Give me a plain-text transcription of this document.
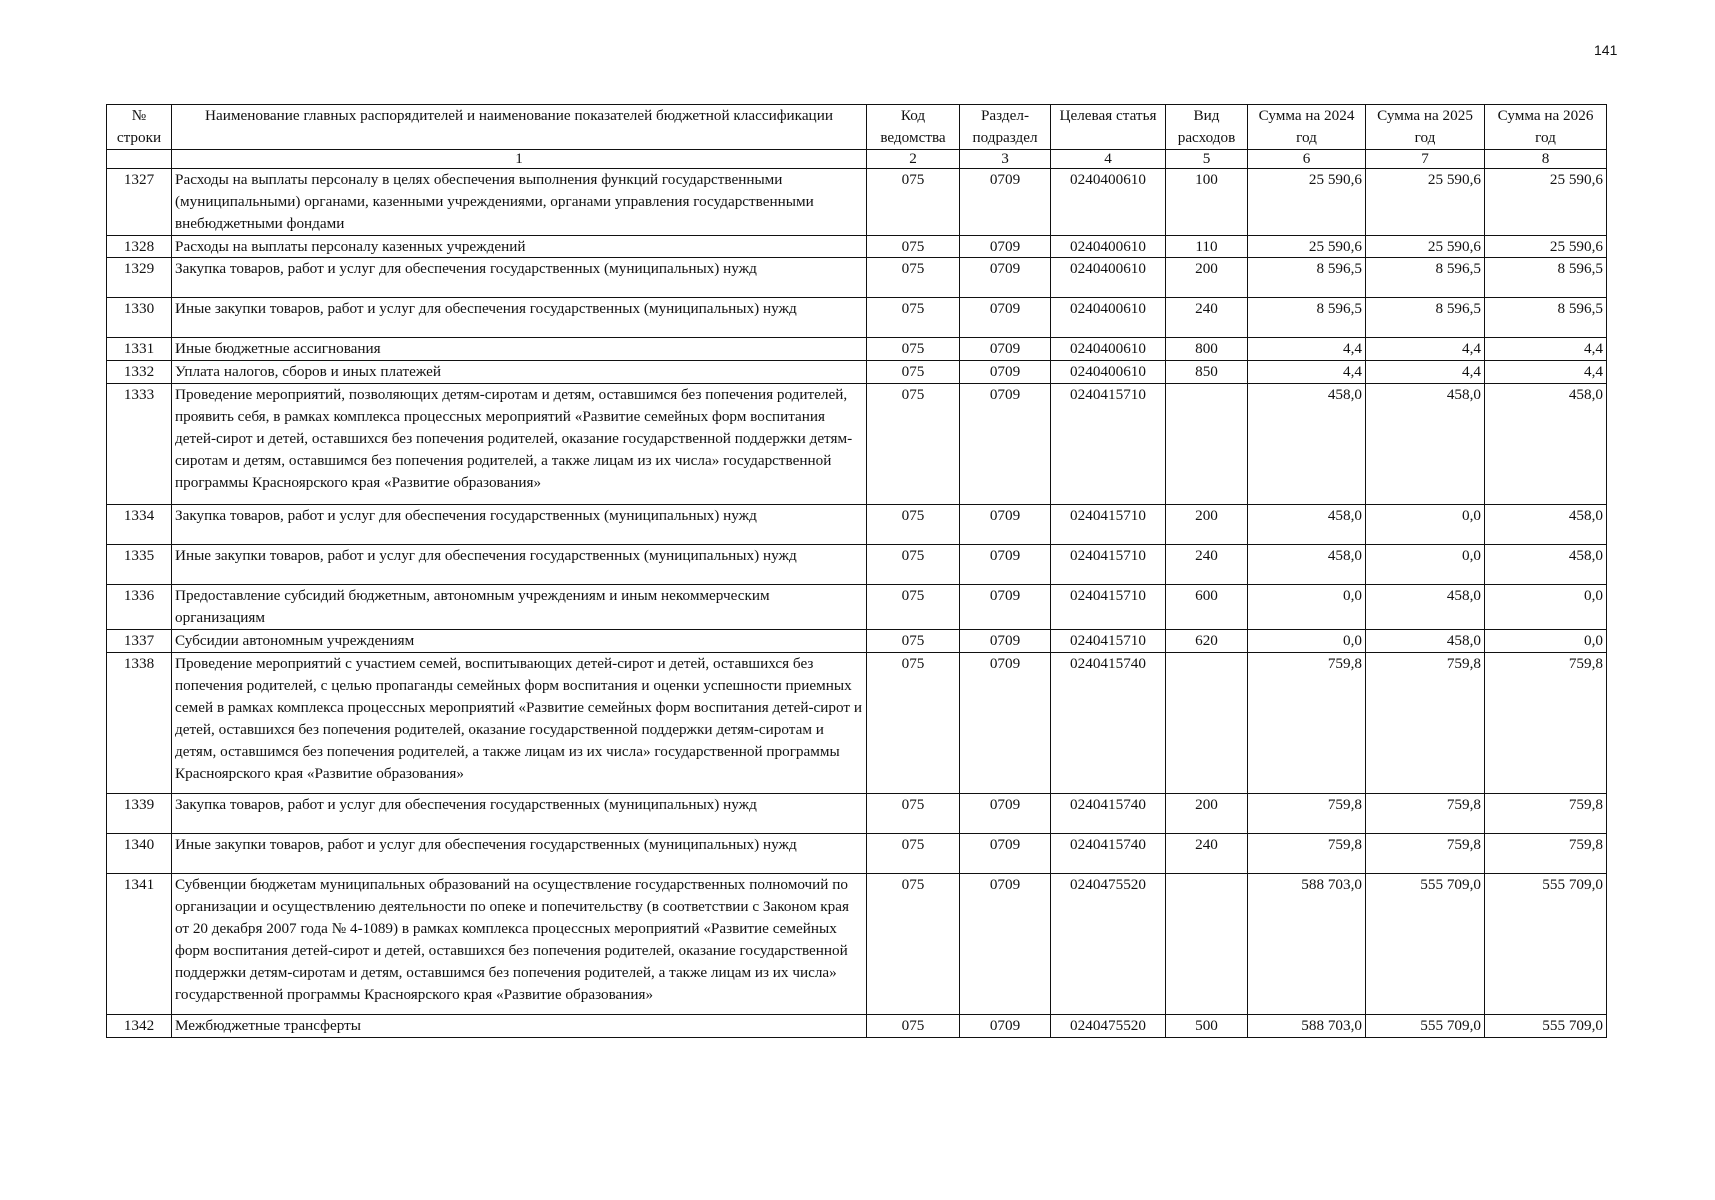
141
№ строки	Наименование главных распорядителей и наименование показателей бюджетной классификации	Код ведомства	Раздел-подраздел	Целевая статья	Вид расходов	Сумма на 2024 год	Сумма на 2025 год	Сумма на 2026 год
	1	2	3	4	5	6	7	8
1327	Расходы на выплаты персоналу в целях обеспечения выполнения функций государственными (муниципальными) органами, казенными учреждениями, органами управления государственными внебюджетными фондами	075	0709	0240400610	100	25 590,6	25 590,6	25 590,6
1328	Расходы на выплаты персоналу казенных учреждений	075	0709	0240400610	110	25 590,6	25 590,6	25 590,6
1329	Закупка товаров, работ и услуг для обеспечения государственных (муниципальных) нужд	075	0709	0240400610	200	8 596,5	8 596,5	8 596,5
1330	Иные закупки товаров, работ и услуг для обеспечения государственных (муниципальных) нужд	075	0709	0240400610	240	8 596,5	8 596,5	8 596,5
1331	Иные бюджетные ассигнования	075	0709	0240400610	800	4,4	4,4	4,4
1332	Уплата налогов, сборов и иных платежей	075	0709	0240400610	850	4,4	4,4	4,4
1333	Проведение мероприятий, позволяющих детям-сиротам и детям, оставшимся без попечения родителей, проявить себя, в рамках комплекса процессных мероприятий «Развитие семейных форм воспитания детей-сирот и детей, оставшихся без попечения родителей, оказание государственной поддержки детям-сиротам и детям, оставшимся без попечения родителей, а также лицам из их числа» государственной программы Красноярского края «Развитие образования»	075	0709	0240415710		458,0	458,0	458,0
1334	Закупка товаров, работ и услуг для обеспечения государственных (муниципальных) нужд	075	0709	0240415710	200	458,0	0,0	458,0
1335	Иные закупки товаров, работ и услуг для обеспечения государственных (муниципальных) нужд	075	0709	0240415710	240	458,0	0,0	458,0
1336	Предоставление субсидий бюджетным, автономным учреждениям и иным некоммерческим организациям	075	0709	0240415710	600	0,0	458,0	0,0
1337	Субсидии автономным учреждениям	075	0709	0240415710	620	0,0	458,0	0,0
1338	Проведение мероприятий с участием семей, воспитывающих детей-сирот и детей, оставшихся без попечения родителей, с целью пропаганды семейных форм воспитания и оценки успешности приемных семей в рамках комплекса процессных мероприятий «Развитие семейных форм воспитания детей-сирот и детей, оставшихся без попечения родителей, оказание государственной поддержки детям-сиротам и детям, оставшимся без попечения родителей, а также лицам из их числа» государственной программы Красноярского края «Развитие образования»	075	0709	0240415740		759,8	759,8	759,8
1339	Закупка товаров, работ и услуг для обеспечения государственных (муниципальных) нужд	075	0709	0240415740	200	759,8	759,8	759,8
1340	Иные закупки товаров, работ и услуг для обеспечения государственных (муниципальных) нужд	075	0709	0240415740	240	759,8	759,8	759,8
1341	Субвенции бюджетам муниципальных образований на осуществление государственных полномочий по организации и осуществлению деятельности по опеке и попечительству (в соответствии с Законом края от 20 декабря 2007 года № 4-1089) в рамках комплекса процессных мероприятий «Развитие семейных форм воспитания детей-сирот и детей, оставшихся без попечения родителей, оказание государственной поддержки детям-сиротам и детям, оставшимся без попечения родителей, а также лицам из их числа» государственной программы Красноярского края «Развитие образования»	075	0709	0240475520		588 703,0	555 709,0	555 709,0
1342	Межбюджетные трансферты	075	0709	0240475520	500	588 703,0	555 709,0	555 709,0
